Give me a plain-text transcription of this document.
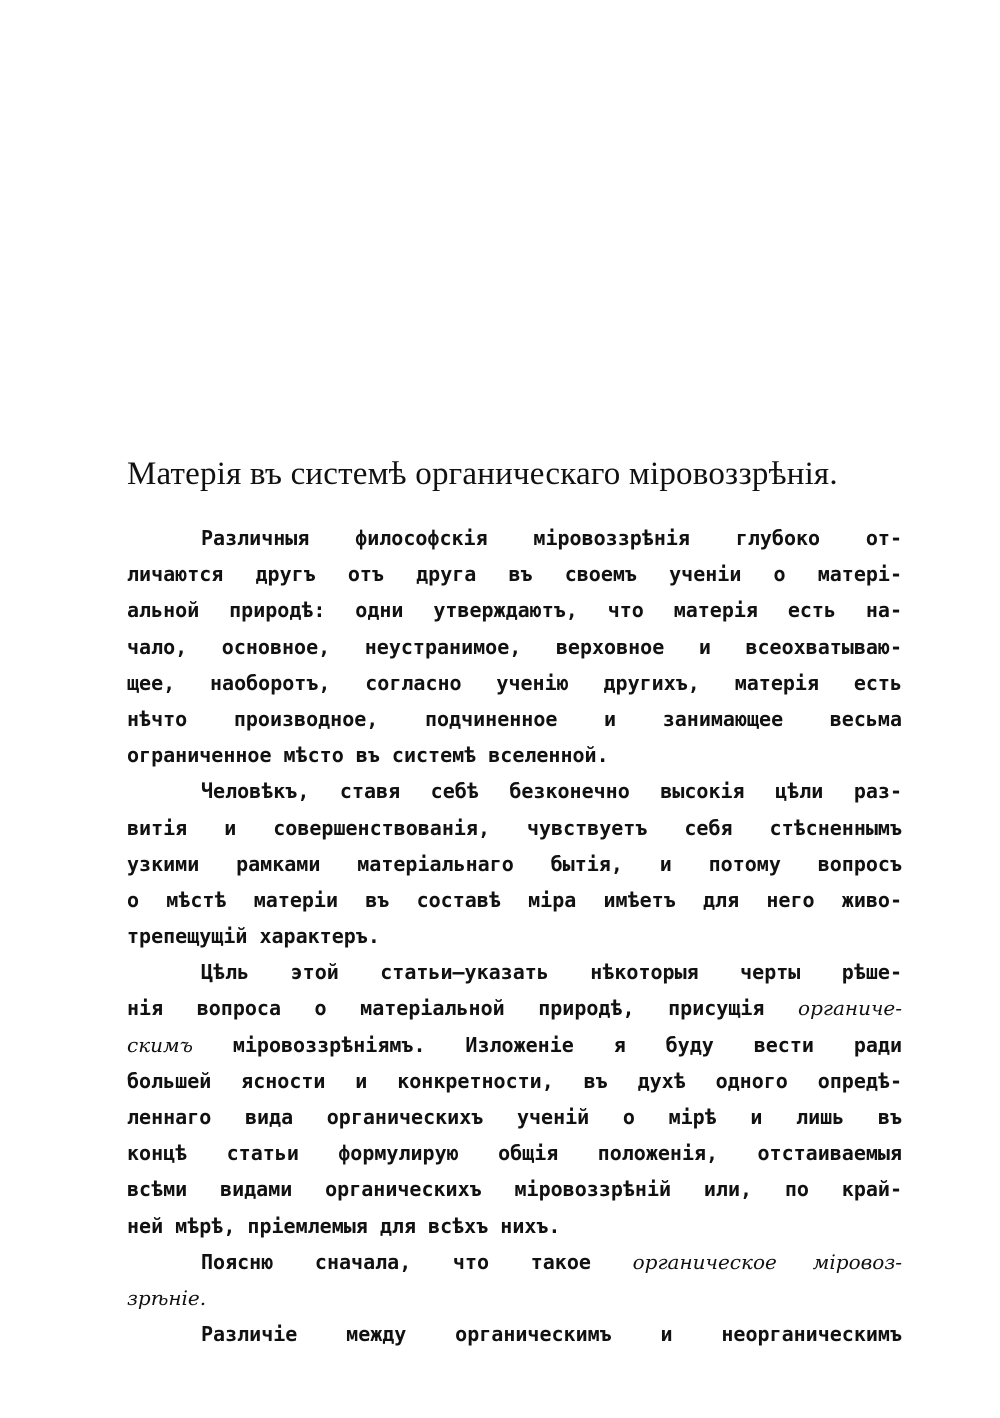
Матерія въ системѣ органическаго міровоззрѣнія.
Различныя философскія міровоззрѣнія глубоко от-
личаются другъ отъ друга въ своемъ ученіи о матері-
альной природѣ: одни утверждаютъ, что матерія есть на-
чало, основное, неустранимое, верховное и всеохватываю-
щее, наоборотъ, согласно ученію другихъ, матерія есть
нѣчто производное, подчиненное и занимающее весьма
ограниченное мѣсто въ системѣ вселенной.
Человѣкъ, ставя себѣ безконечно высокія цѣли раз-
витія и совершенствованія, чувствуетъ себя стѣсненнымъ
узкими рамками матеріальнаго бытія, и потому вопросъ
о мѣстѣ матеріи въ составѣ міра имѣетъ для него живо-
трепещущій характеръ.
Цѣль этой статьи—указать нѣкоторыя черты рѣше-
нія вопроса о матеріальной природѣ, присущія органиче-
скимъ міровоззрѣніямъ. Изложеніе я буду вести ради
большей ясности и конкретности, въ духѣ одного опредѣ-
леннаго вида органическихъ ученій о мірѣ и лишь въ
концѣ статьи формулирую общія положенія, отстаиваемыя
всѣми видами органическихъ міровоззрѣній или, по край-
ней мѣрѣ, пріемлемыя для всѣхъ нихъ.
Поясню сначала, что такое органическое міровоз-
зрѣніе.
Различіе между органическимъ и неорганическимъ
